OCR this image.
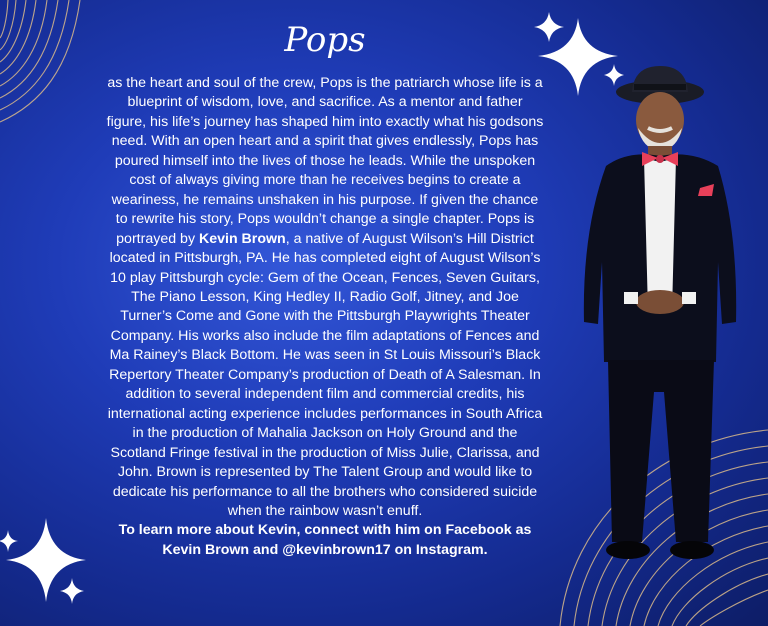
Pops
as the heart and soul of the crew, Pops is the patriarch whose life is a blueprint of wisdom, love, and sacrifice. As a mentor and father figure, his life’s journey has shaped him into exactly what his godsons need. With an open heart and a spirit that gives endlessly, Pops has poured himself into the lives of those he leads. While the unspoken cost of always giving more than he receives begins to create a weariness, he remains unshaken in his purpose. If given the chance to rewrite his story, Pops wouldn’t change a single chapter. Pops is portrayed by Kevin Brown, a native of August Wilson’s Hill District located in Pittsburgh, PA. He has completed eight of August Wilson’s 10 play Pittsburgh cycle: Gem of the Ocean, Fences, Seven Guitars, The Piano Lesson, King Hedley II, Radio Golf, Jitney, and Joe Turner’s Come and Gone with the Pittsburgh Playwrights Theater Company. His works also include the film adaptations of Fences and Ma Rainey’s Black Bottom. He was seen in St Louis Missouri’s Black Repertory Theater Company’s production of Death of A Salesman. In addition to several independent film and commercial credits, his international acting experience includes performances in South Africa in the production of Mahalia Jackson on Holy Ground and the Scotland Fringe festival in the production of Miss Julie, Clarissa, and John. Brown is represented by The Talent Group and would like to dedicate his performance to all the brothers who considered suicide when the rainbow wasn’t enuff.
To learn more about Kevin, connect with him on Facebook as Kevin Brown and @kevinbrown17 on Instagram.
